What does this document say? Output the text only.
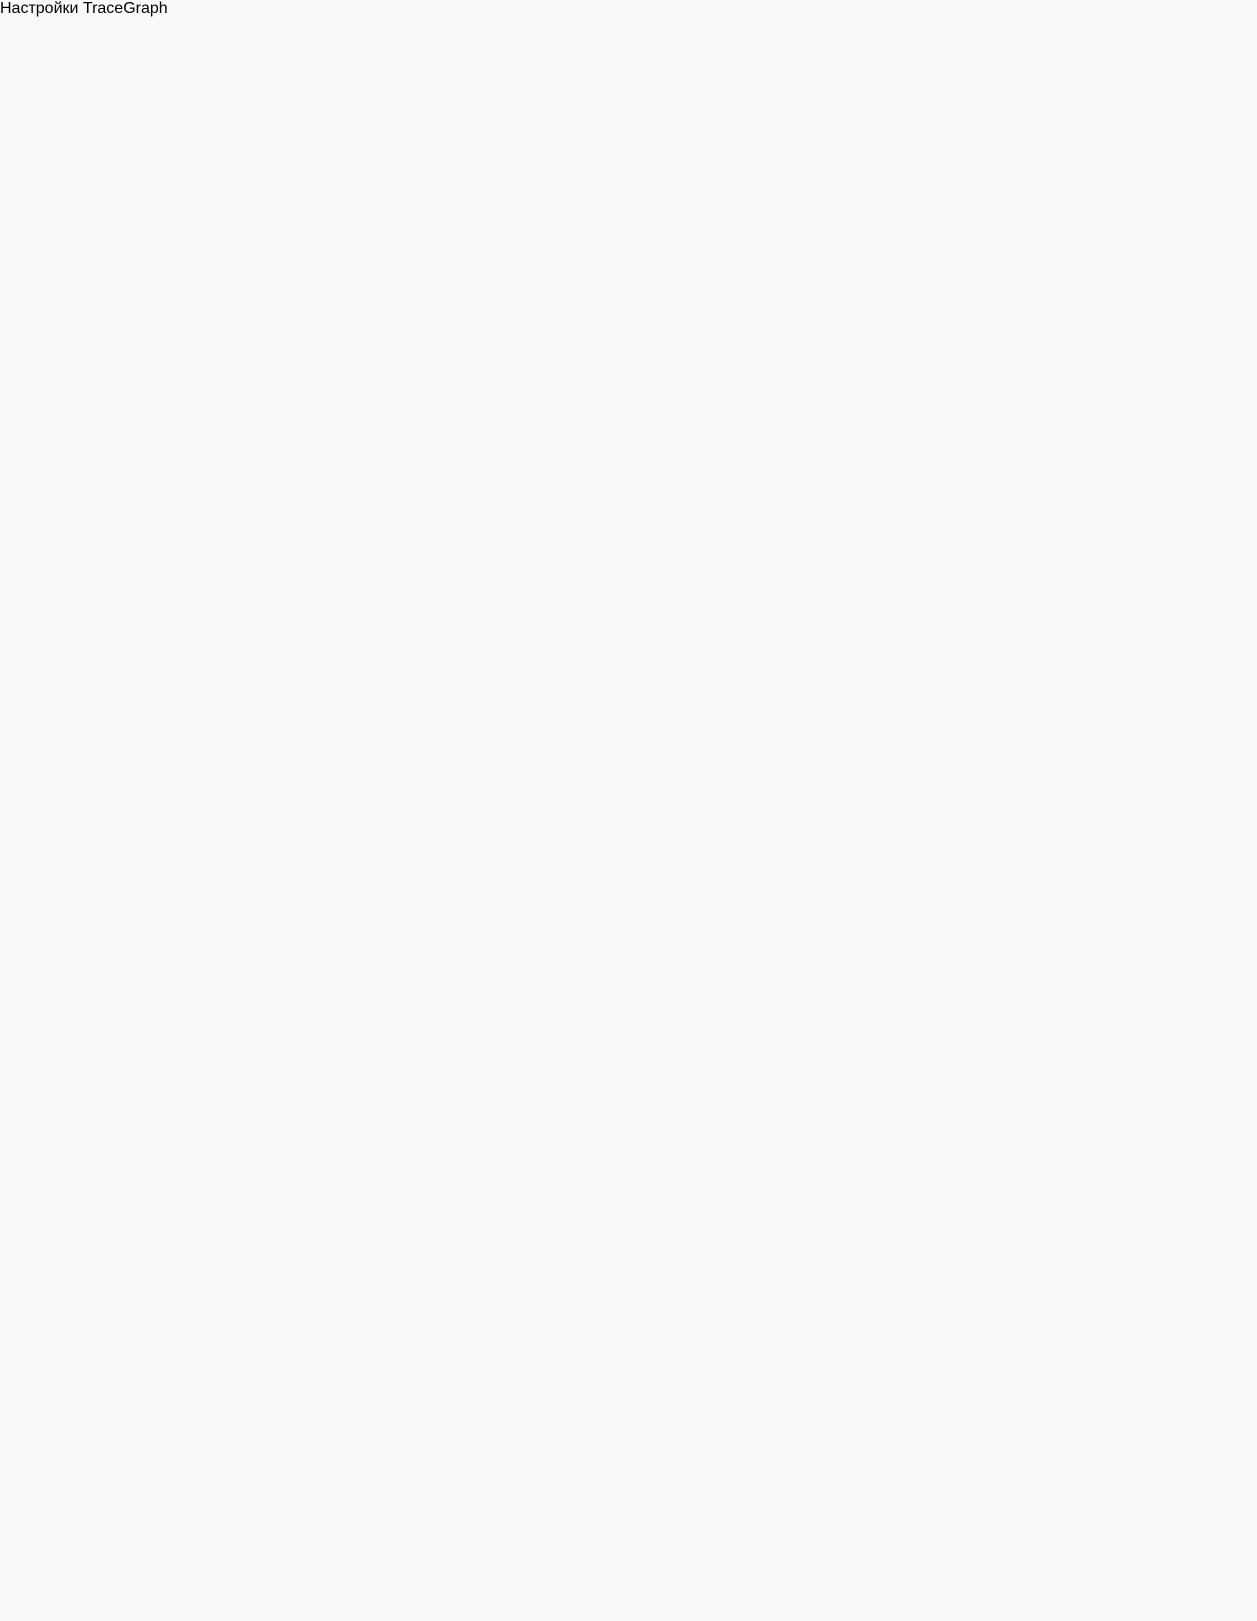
Настройки TraceGraph
